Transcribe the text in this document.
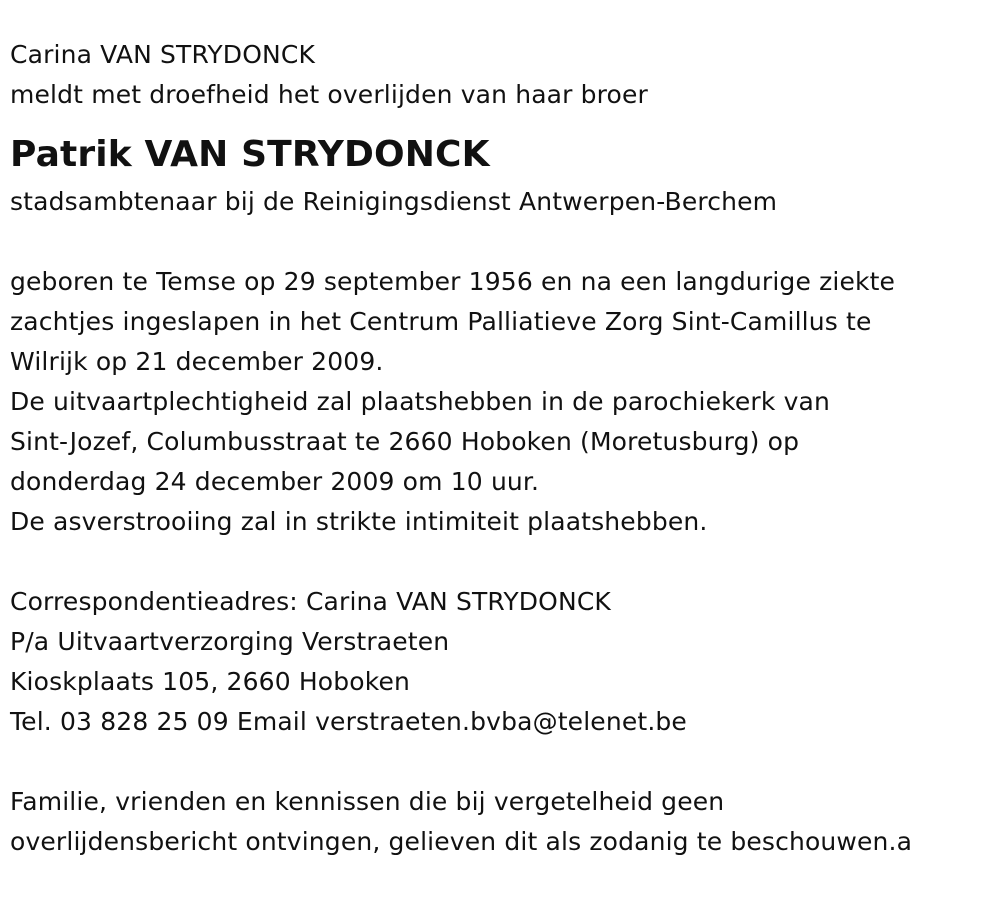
Carina VAN STRYDONCK
meldt met droefheid het overlijden van haar broer
Patrik VAN STRYDONCK
stadsambtenaar bij de Reinigingsdienst Antwerpen-Berchem
geboren te Temse op 29 september 1956 en na een langdurige ziekte
zachtjes ingeslapen in het Centrum Palliatieve Zorg Sint-Camillus te
Wilrijk op 21 december 2009.
De uitvaartplechtigheid zal plaatshebben in de parochiekerk van
Sint-Jozef, Columbusstraat te 2660 Hoboken (Moretusburg) op
donderdag 24 december 2009 om 10 uur.
De asverstrooiing zal in strikte intimiteit plaatshebben.
Correspondentieadres: Carina VAN STRYDONCK
P/a Uitvaartverzorging Verstraeten
Kioskplaats 105, 2660 Hoboken
Tel. 03 828 25 09 Email verstraeten.bvba@telenet.be
Familie, vrienden en kennissen die bij vergetelheid geen
overlijdensbericht ontvingen, gelieven dit als zodanig te beschouwen.a
